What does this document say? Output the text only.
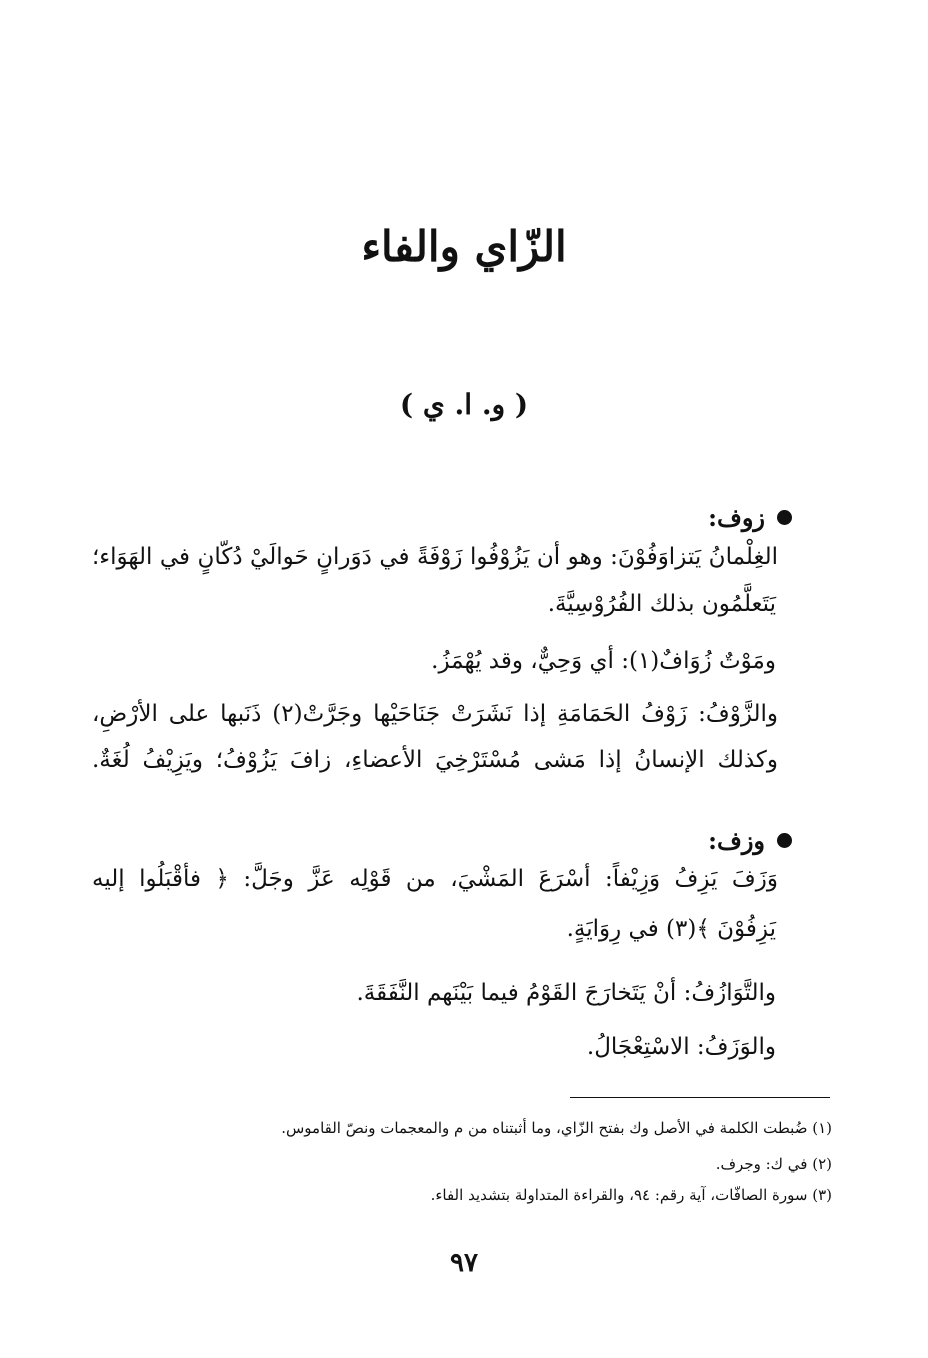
الزّاي والفاء
( و. ا. ي )
زوف:
الغِلْمانُ يَتزاوَفُوْنَ: وهو أن يَزُوْفُوا زَوْفَةً في دَوَرانٍ حَوالَيْ دُكّانٍ في الهَوَاء؛
يَتَعلَّمُون بذلك الفُرُوْسِيَّةَ.
ومَوْتٌ زُوَافٌ(١): أي وَحِيٌّ، وقد يُهْمَزُ.
والزَّوْفُ: زَوْفُ الحَمَامَةِ إذا نَشَرَتْ جَنَاحَيْها وجَرَّتْ(٢) ذَنَبها على الأرْضِ،
وكذلك الإنسانُ إذا مَشى مُسْتَرْخِيَ الأعضاءِ، زافَ يَزُوْفُ؛ ويَزِيْفُ لُغَةٌ.
وزف:
وَزَفَ يَزِفُ وَزِيْفاً: أسْرَعَ المَشْيَ، من قَوْلِه عَزَّ وجَلَّ: ﴿ فأقْبَلُوا إليه
يَزِفُوْنَ ﴾(٣) في رِوَايَةٍ.
والتَّوَازُفُ: أنْ يَتَخارَجَ القَوْمُ فيما بَيْنَهم النَّفَقَةَ.
والوَزَفُ: الاسْتِعْجَالُ.
(١) ضُبطت الكلمة في الأصل وك بفتح الزّاي، وما أثبتناه من م والمعجمات ونصّ القاموس.
(٢) في ك: وجرف.
(٣) سورة الصافّات، آية رقم: ٩٤، والقراءة المتداولة بتشديد الفاء.
٩٧
